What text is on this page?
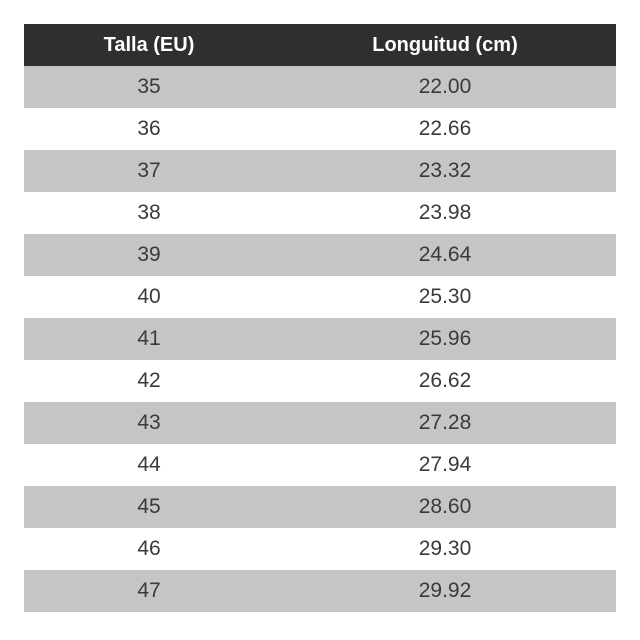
Talla (EU)	Longuitud (cm)
35	22.00
36	22.66
37	23.32
38	23.98
39	24.64
40	25.30
41	25.96
42	26.62
43	27.28
44	27.94
45	28.60
46	29.30
47	29.92
